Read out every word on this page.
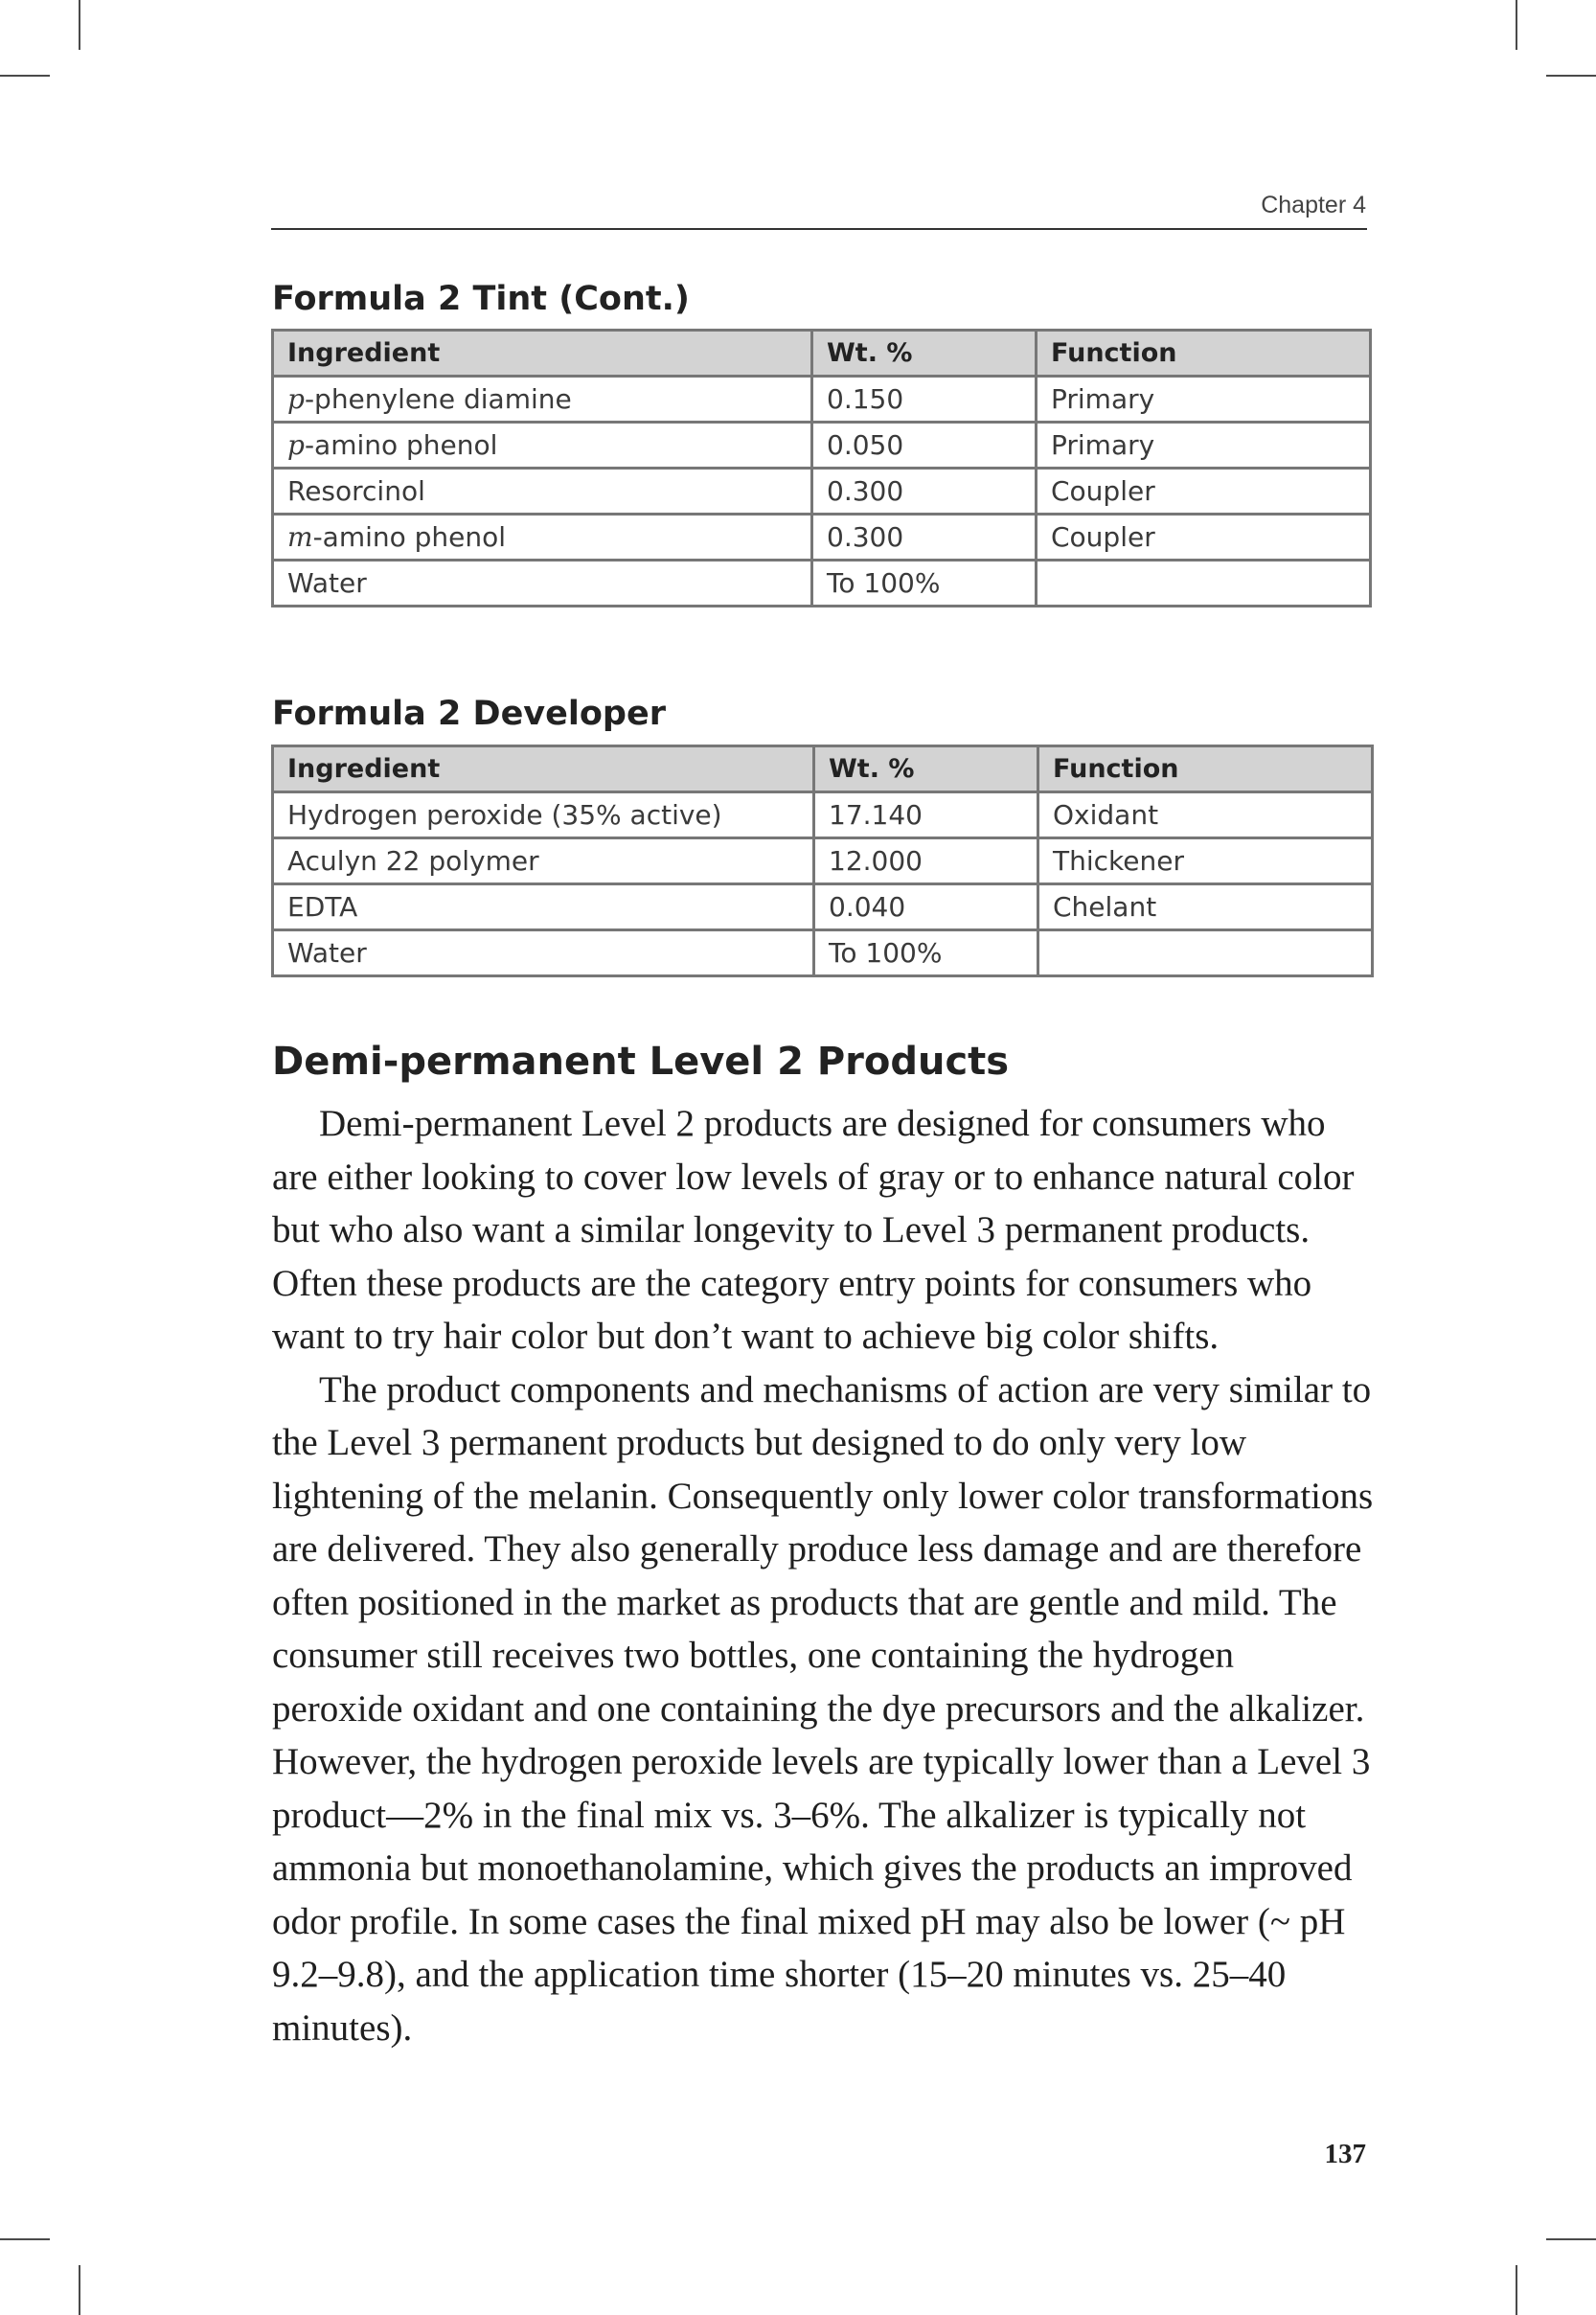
Chapter 4
Formula 2 Tint (Cont.)
Ingredient	Wt. %	Function
p-phenylene diamine	0.150	Primary
p-amino phenol	0.050	Primary
Resorcinol	0.300	Coupler
m-amino phenol	0.300	Coupler
Water	To 100%	
Formula 2 Developer
Ingredient	Wt. %	Function
Hydrogen peroxide (35% active)	17.140	Oxidant
Aculyn 22 polymer	12.000	Thickener
EDTA	0.040	Chelant
Water	To 100%	
Demi-permanent Level 2 Products

Demi-permanent Level 2 products are designed for consumers who are either looking to cover low levels of gray or to enhance natural color but who also want a similar longevity to Level 3 permanent products. Often these products are the category entry points for consumers who want to try hair color but don’t want to achieve big color shifts.

The product components and mechanisms of action are very similar to the Level 3 permanent products but designed to do only very low lightening of the melanin. Consequently only lower color transformations are delivered. They also generally produce less damage and are therefore often positioned in the market as products that are gentle and mild. The consumer still receives two bottles, one containing the hydrogen peroxide oxidant and one containing the dye precursors and the alkalizer. However, the hydrogen peroxide levels are typically lower than a Level 3 product—2% in the final mix vs. 3–6%. The alkalizer is typically not ammonia but monoethanolamine, which gives the products an improved odor profile. In some cases the final mixed pH may also be lower (~ pH 9.2–9.8), and the application time shorter (15–20 minutes vs. 25–40 minutes).

137
